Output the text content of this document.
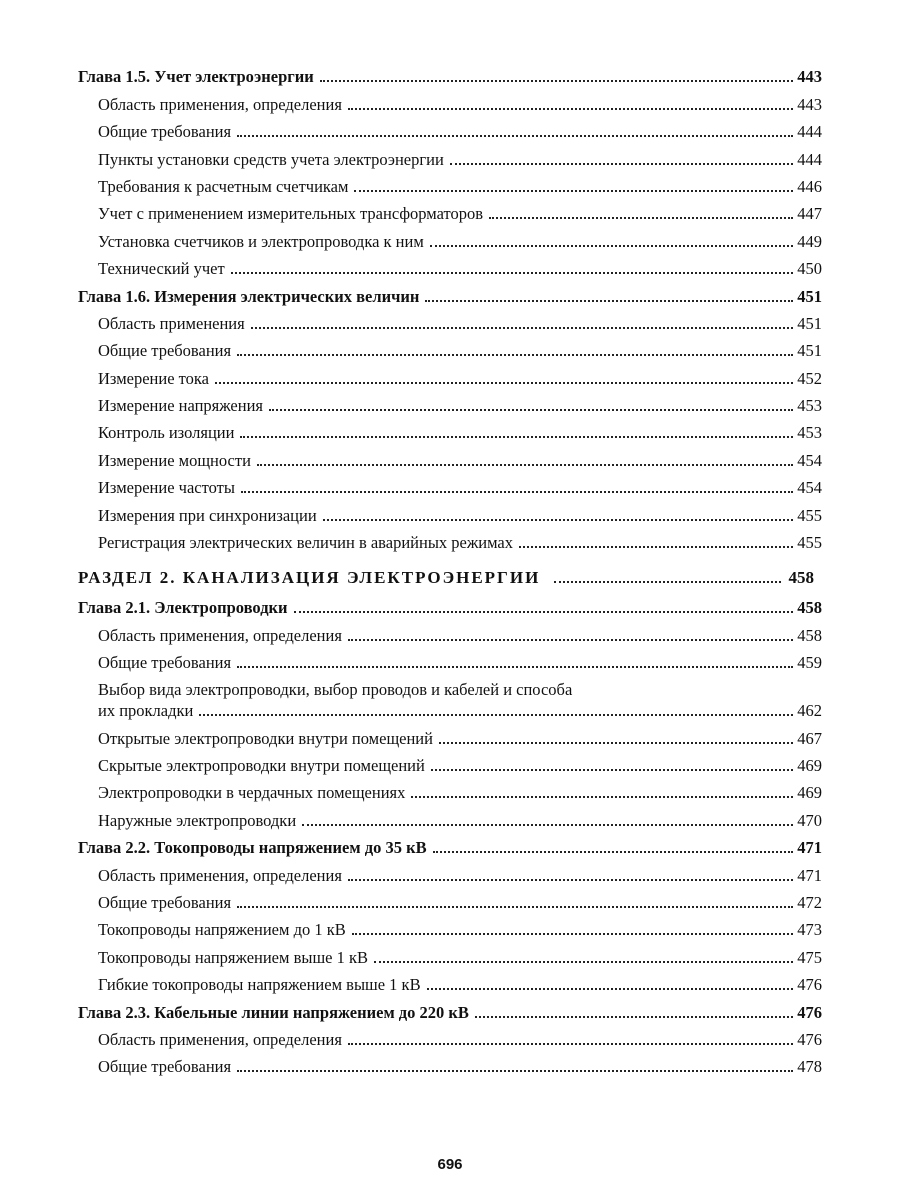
Глава 1.5. Учет электроэнергии	443
Область применения, определения	443
Общие требования	444
Пункты установки средств учета электроэнергии	444
Требования к расчетным счетчикам	446
Учет с применением измерительных трансформаторов	447
Установка счетчиков и электропроводка к ним	449
Технический учет	450
Глава 1.6. Измерения электрических величин	451
Область применения	451
Общие требования	451
Измерение тока	452
Измерение напряжения	453
Контроль изоляции	453
Измерение мощности	454
Измерение частоты	454
Измерения при синхронизации	455
Регистрация электрических величин в аварийных режимах	455
РАЗДЕЛ 2. КАНАЛИЗАЦИЯ ЭЛЕКТРОЭНЕРГИИ	458
Глава 2.1. Электропроводки	458
Область применения, определения	458
Общие требования	459
Выбор вида электропроводки, выбор проводов и кабелей и способа
их прокладки	462
Открытые электропроводки внутри помещений	467
Скрытые электропроводки внутри помещений	469
Электропроводки в чердачных помещениях	469
Наружные электропроводки	470
Глава 2.2. Токопроводы напряжением до 35 кВ	471
Область применения, определения	471
Общие требования	472
Токопроводы напряжением до 1 кВ	473
Токопроводы напряжением выше 1 кВ	475
Гибкие токопроводы напряжением выше 1 кВ	476
Глава 2.3. Кабельные линии напряжением до 220 кВ	476
Область применения, определения	476
Общие требования	478
696
